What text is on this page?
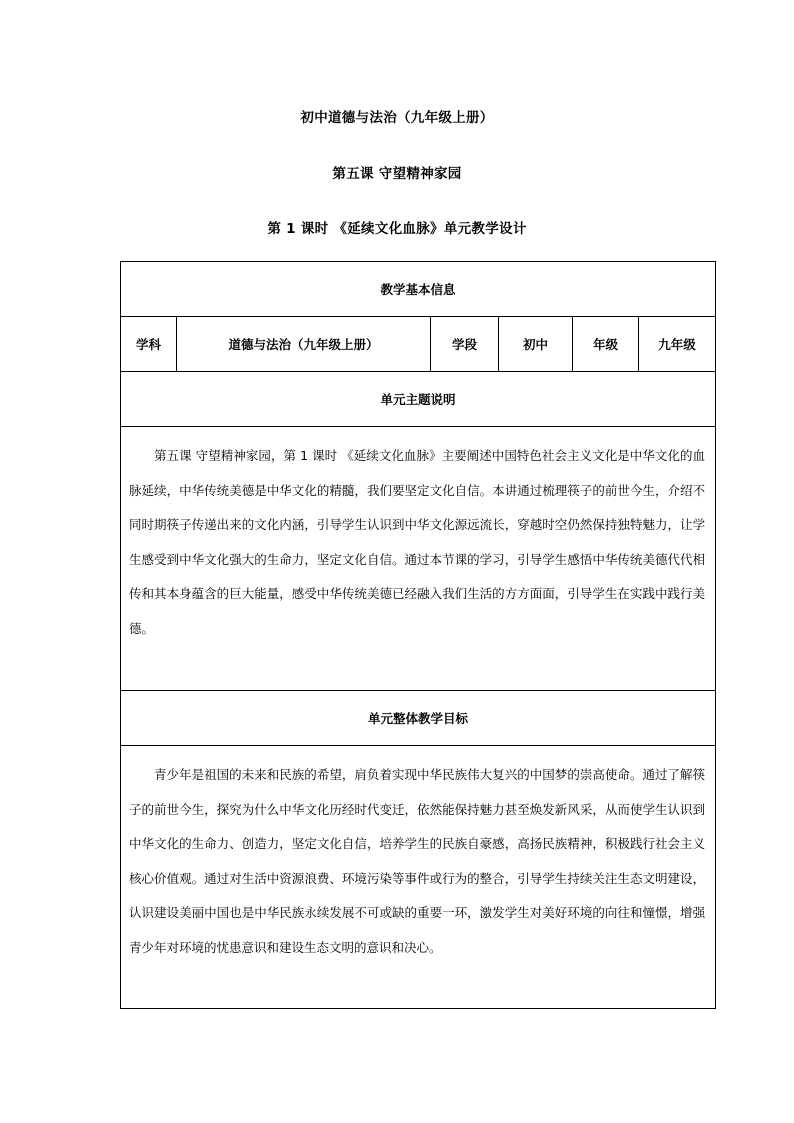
初中道德与法治（九年级上册）
第五课 守望精神家园
第 1 课时 《延续文化血脉》单元教学设计
教学基本信息
学科	道德与法治（九年级上册）	学段	初中	年级	九年级
单元主题说明
第五课 守望精神家园，第 1 课时 《延续文化血脉》主要阐述中国特色社会主义文化是中华文化的血脉延续，中华传统美德是中华文化的精髓，我们要坚定文化自信。本讲通过梳理筷子的前世今生，介绍不同时期筷子传递出来的文化内涵，引导学生认识到中华文化源远流长，穿越时空仍然保持独特魅力，让学生感受到中华文化强大的生命力，坚定文化自信。通过本节课的学习，引导学生感悟中华传统美德代代相传和其本身蕴含的巨大能量，感受中华传统美德已经融入我们生活的方方面面，引导学生在实践中践行美德。
单元整体教学目标
青少年是祖国的未来和民族的希望，肩负着实现中华民族伟大复兴的中国梦的崇高使命。通过了解筷子的前世今生，探究为什么中华文化历经时代变迁，依然能保持魅力甚至焕发新风采，从而使学生认识到中华文化的生命力、创造力，坚定文化自信，培养学生的民族自豪感，高扬民族精神，积极践行社会主义核心价值观。通过对生活中资源浪费、环境污染等事件或行为的整合，引导学生持续关注生态文明建设，认识建设美丽中国也是中华民族永续发展不可或缺的重要一环，激发学生对美好环境的向往和憧憬，增强青少年对环境的忧患意识和建设生态文明的意识和决心。
